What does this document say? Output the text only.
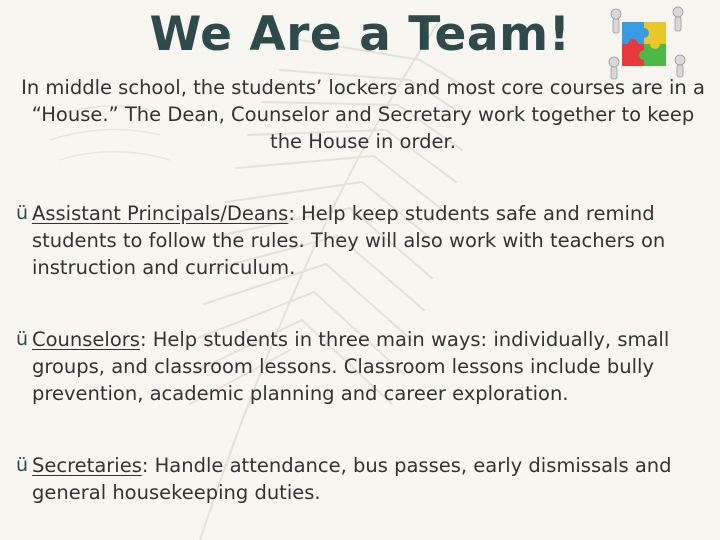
We Are a Team!
In middle school, the students’ lockers and most core courses are in a “House.” The Dean, Counselor and Secretary work together to keep the House in order.
ü Assistant Principals/Deans: Help keep students safe and remind students to follow the rules. They will also work with teachers on instruction and curriculum.
ü Counselors: Help students in three main ways: individually, small groups, and classroom lessons. Classroom lessons include bully prevention, academic planning and career exploration.
ü Secretaries: Handle attendance, bus passes, early dismissals and general housekeeping duties.
